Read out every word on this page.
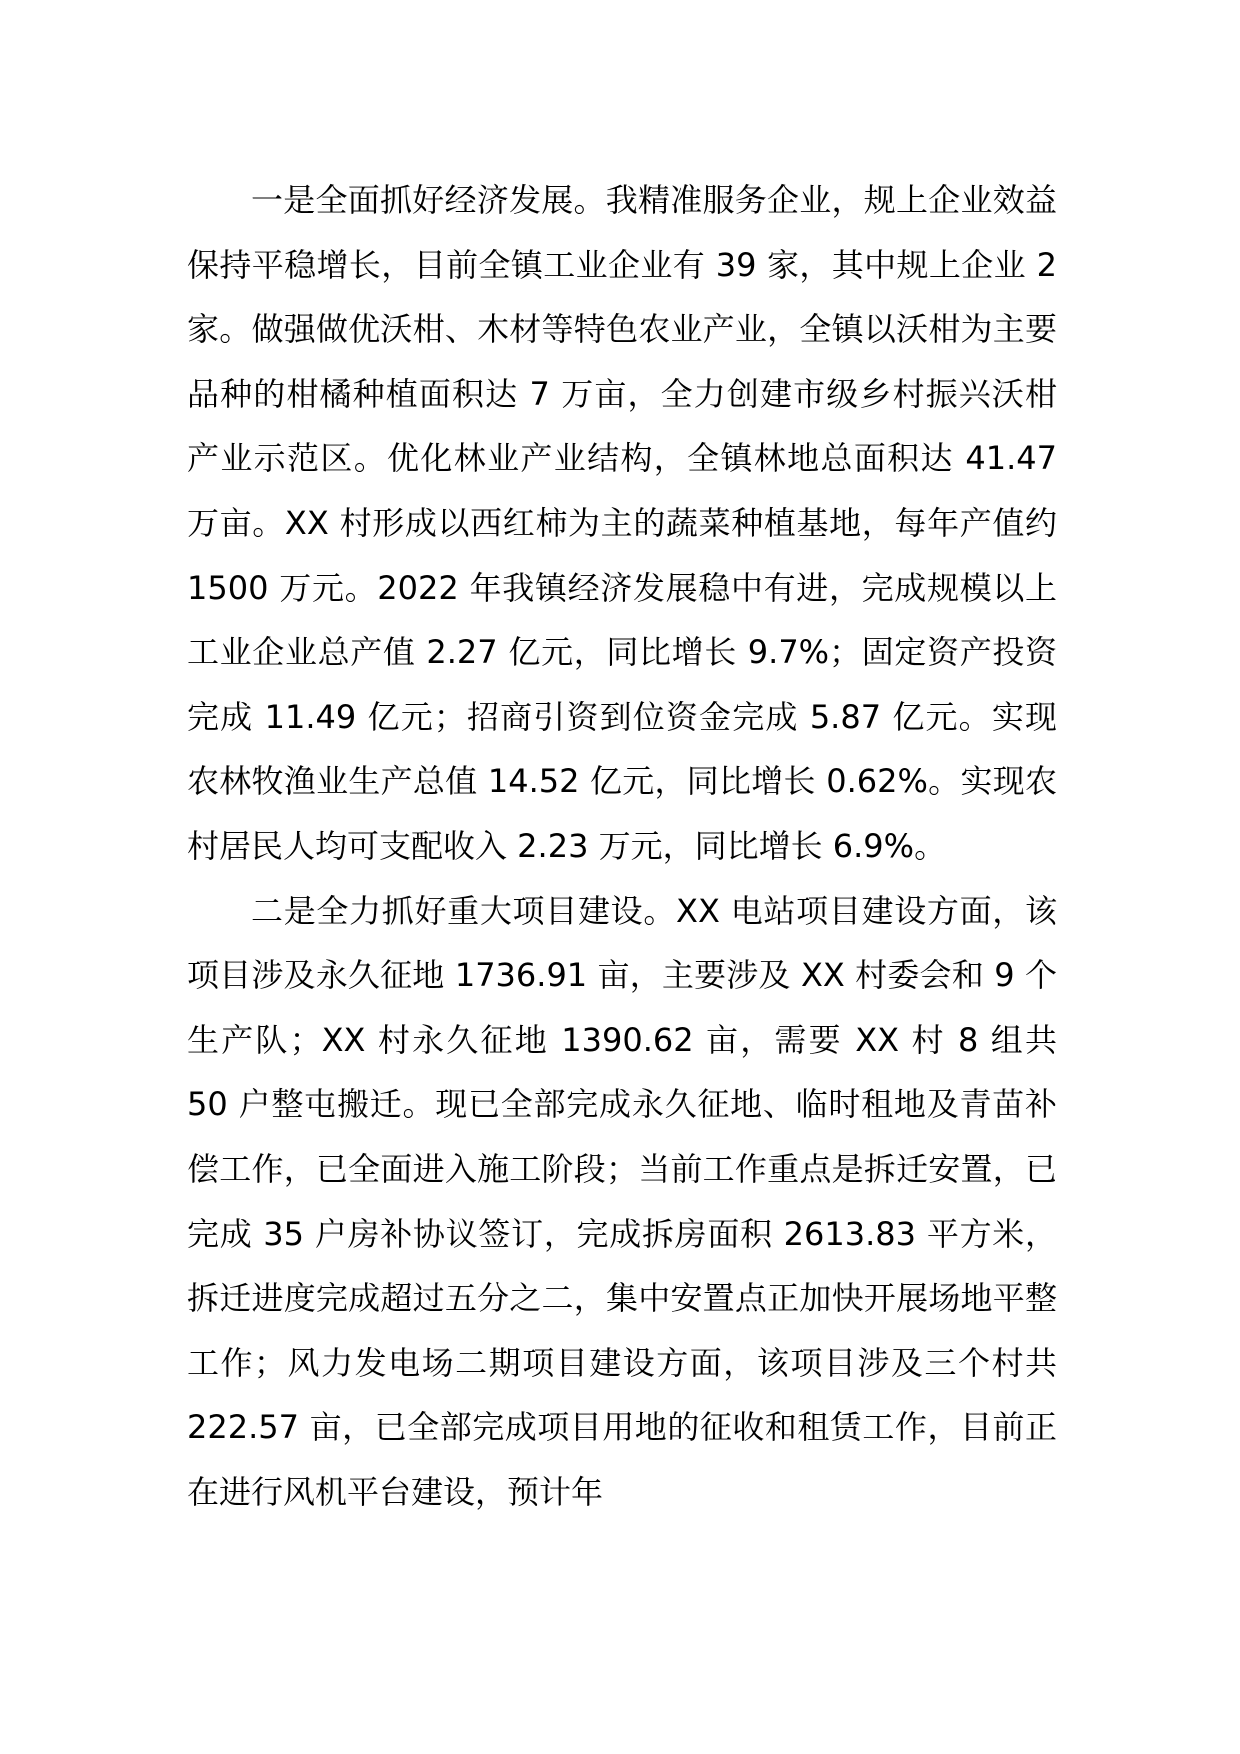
一是全面抓好经济发展。我精准服务企业，规上企业效益保持平稳增长，目前全镇工业企业有 39 家，其中规上企业 2 家。做强做优沃柑、木材等特色农业产业，全镇以沃柑为主要品种的柑橘种植面积达 7 万亩，全力创建市级乡村振兴沃柑产业示范区。优化林业产业结构，全镇林地总面积达 41.47 万亩。XX 村形成以西红柿为主的蔬菜种植基地，每年产值约 1500 万元。2022 年我镇经济发展稳中有进，完成规模以上工业企业总产值 2.27 亿元，同比增长 9.7%；固定资产投资完成 11.49 亿元；招商引资到位资金完成 5.87 亿元。实现农林牧渔业生产总值 14.52 亿元，同比增长 0.62%。实现农村居民人均可支配收入 2.23 万元，同比增长 6.9%。

二是全力抓好重大项目建设。XX 电站项目建设方面，该项目涉及永久征地 1736.91 亩，主要涉及 XX 村委会和 9 个生产队；XX 村永久征地 1390.62 亩，需要 XX 村 8 组共 50 户整屯搬迁。现已全部完成永久征地、临时租地及青苗补偿工作，已全面进入施工阶段；当前工作重点是拆迁安置，已完成 35 户房补协议签订，完成拆房面积 2613.83 平方米，拆迁进度完成超过五分之二，集中安置点正加快开展场地平整工作；风力发电场二期项目建设方面，该项目涉及三个村共 222.57 亩，已全部完成项目用地的征收和租赁工作，目前正在进行风机平台建设，预计年
